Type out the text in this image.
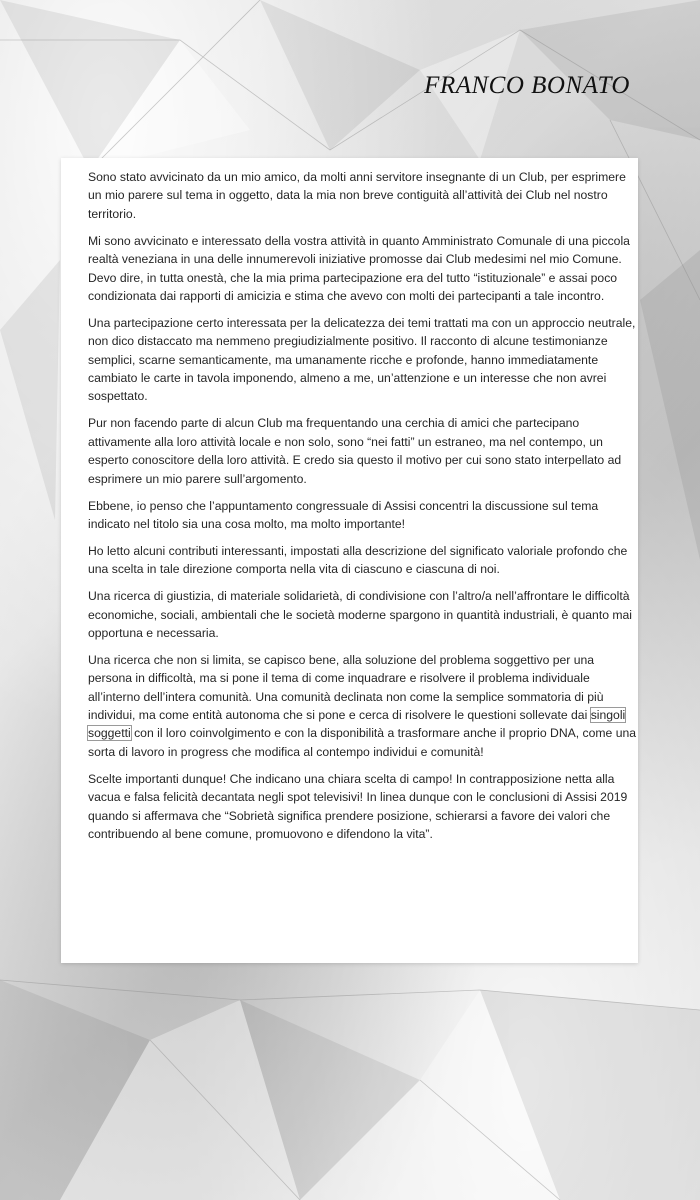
FRANCO BONATO

Sono stato avvicinato da un mio amico, da molti anni servitore insegnante di un Club, per esprimere un mio parere sul tema in oggetto, data la mia non breve contiguità all’attività dei Club nel nostro territorio.

Mi sono avvicinato e interessato della vostra attività in quanto Amministrato Comunale di una piccola realtà veneziana in una delle innumerevoli iniziative promosse dai Club medesimi nel mio Comune. Devo dire, in tutta onestà, che la mia prima partecipazione era del tutto “istituzionale” e assai poco condizionata dai rapporti di amicizia e stima che avevo con molti dei partecipanti a tale incontro.

Una partecipazione certo interessata per la delicatezza dei temi trattati ma con un approccio neutrale, non dico distaccato ma nemmeno pregiudizialmente positivo. Il racconto di alcune testimonianze semplici, scarne semanticamente, ma umanamente ricche e profonde, hanno immediatamente cambiato le carte in tavola imponendo, almeno a me, un’attenzione e un interesse che non avrei sospettato.

Pur non facendo parte di alcun Club ma frequentando una cerchia di amici che partecipano attivamente alla loro attività locale e non solo, sono “nei fatti” un estraneo, ma nel contempo, un esperto conoscitore della loro attività. E credo sia questo il motivo per cui sono stato interpellato ad esprimere un mio parere sull’argomento.

Ebbene, io penso che l’appuntamento congressuale di Assisi concentri la discussione sul tema indicato nel titolo sia una cosa molto, ma molto importante!

Ho letto alcuni contributi interessanti, impostati alla descrizione del significato valoriale profondo che una scelta in tale direzione comporta nella vita di ciascuno e ciascuna di noi.

Una ricerca di giustizia, di materiale solidarietà, di condivisione con l’altro/a nell’affrontare le difficoltà economiche, sociali, ambientali che le società moderne spargono in quantità industriali, è quanto mai opportuna e necessaria.

Una ricerca che non si limita, se capisco bene, alla soluzione del problema soggettivo per una persona in difficoltà, ma si pone il tema di come inquadrare e risolvere il problema individuale all’interno dell’intera comunità. Una comunità declinata non come la semplice sommatoria di più individui, ma come entità autonoma che si pone e cerca di risolvere le questioni sollevate dai singoli soggetti con il loro coinvolgimento e con la disponibilità a trasformare anche il proprio DNA, come una sorta di lavoro in progress che modifica al contempo individui e comunità!

Scelte importanti dunque! Che indicano una chiara scelta di campo! In contrapposizione netta alla vacua e falsa felicità decantata negli spot televisivi! In linea dunque con le conclusioni di Assisi 2019 quando si affermava che “Sobrietà significa prendere posizione, schierarsi a favore dei valori che contribuendo al bene comune, promuovono e difendono la vita”.
